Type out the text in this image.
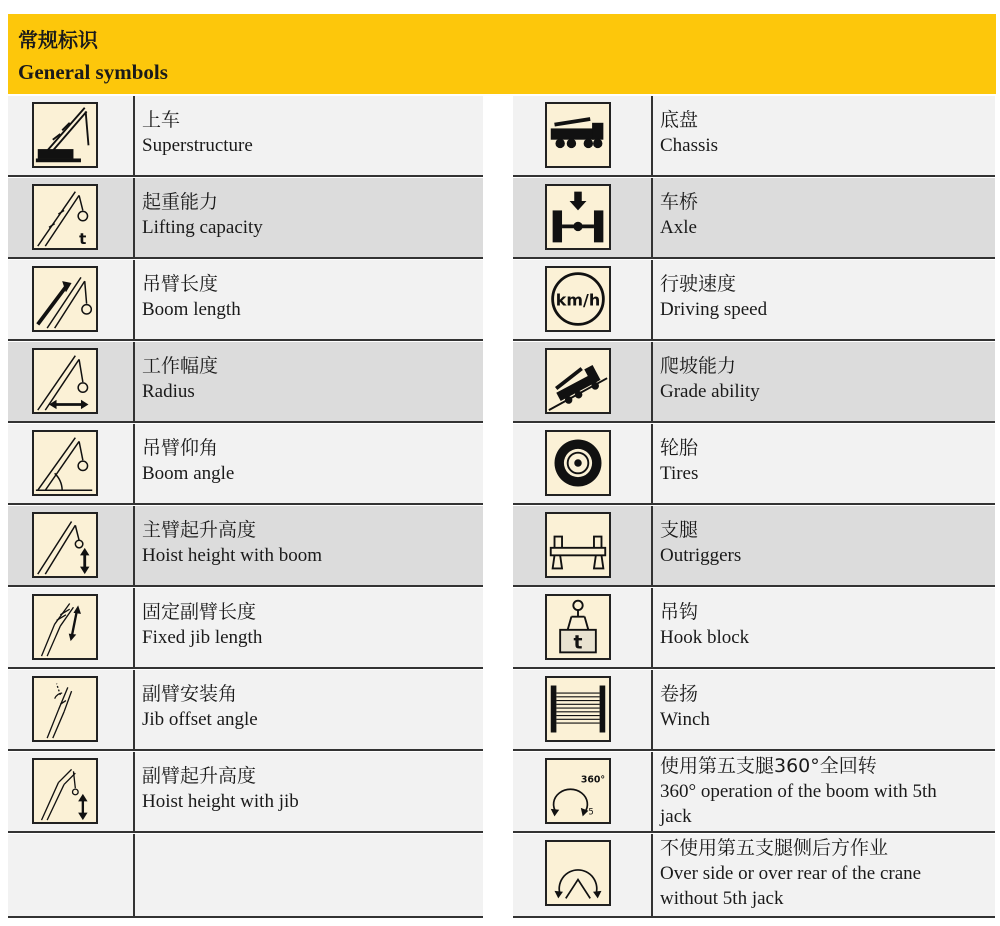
常规标识
General symbols
上车
Superstructure
t
起重能力
Lifting capacity
吊臂长度
Boom length
工作幅度
Radius
吊臂仰角
Boom angle
主臂起升高度
Hoist height with boom
固定副臂长度
Fixed jib length
副臂安装角
Jib offset angle
副臂起升高度
Hoist height with jib
底盘
Chassis
车桥
Axle
km/h
行驶速度
Driving speed
爬坡能力
Grade ability
轮胎
Tires
支腿
Outriggers
t
吊钩
Hook block
卷扬
Winch
360°
5
使用第五支腿360°全回转
360° operation of the boom with 5th
jack
不使用第五支腿侧后方作业
Over side or over rear of the crane
without 5th jack
